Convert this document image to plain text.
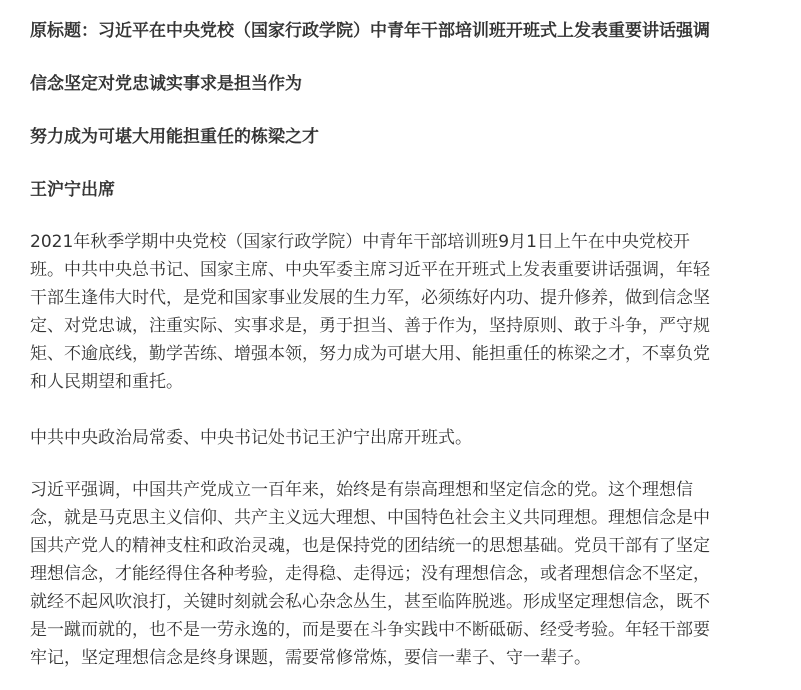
原标题：习近平在中央党校（国家行政学院）中青年干部培训班开班式上发表重要讲话强调

信念坚定对党忠诚实事求是担当作为

努力成为可堪大用能担重任的栋梁之才

王沪宁出席

2021年秋季学期中央党校（国家行政学院）中青年干部培训班9月1日上午在中央党校开
班。中共中央总书记、国家主席、中央军委主席习近平在开班式上发表重要讲话强调，年轻
干部生逢伟大时代，是党和国家事业发展的生力军，必须练好内功、提升修养，做到信念坚
定、对党忠诚，注重实际、实事求是，勇于担当、善于作为，坚持原则、敢于斗争，严守规
矩、不逾底线，勤学苦练、增强本领，努力成为可堪大用、能担重任的栋梁之才，不辜负党
和人民期望和重托。
中共中央政治局常委、中央书记处书记王沪宁出席开班式。
习近平强调，中国共产党成立一百年来，始终是有崇高理想和坚定信念的党。这个理想信
念，就是马克思主义信仰、共产主义远大理想、中国特色社会主义共同理想。理想信念是中
国共产党人的精神支柱和政治灵魂，也是保持党的团结统一的思想基础。党员干部有了坚定
理想信念，才能经得住各种考验，走得稳、走得远；没有理想信念，或者理想信念不坚定，
就经不起风吹浪打，关键时刻就会私心杂念丛生，甚至临阵脱逃。形成坚定理想信念，既不
是一蹴而就的，也不是一劳永逸的，而是要在斗争实践中不断砥砺、经受考验。年轻干部要
牢记，坚定理想信念是终身课题，需要常修常炼，要信一辈子、守一辈子。
